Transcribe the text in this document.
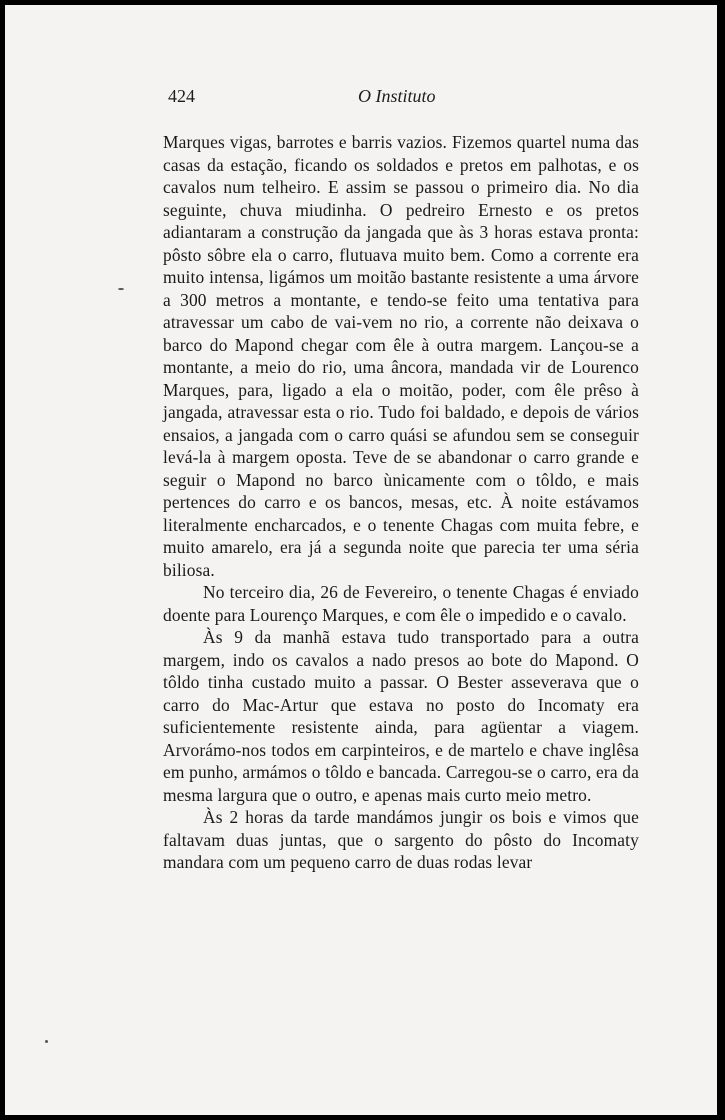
424	O Instituto

Marques vigas, barrotes e barris vazios. Fizemos quartel numa das casas da estação, ficando os soldados e pretos em palhotas, e os cavalos num telheiro. E assim se passou o primeiro dia. No dia seguinte, chuva miudinha. O pedreiro Ernesto e os pretos adiantaram a construção da jangada que às 3 horas estava pronta: pôsto sôbre ela o carro, flutuava muito bem. Como a corrente era muito intensa, ligámos um moitão bastante resistente a uma árvore a 300 metros a montante, e tendo-se feito uma tentativa para atravessar um cabo de vai-vem no rio, a corrente não deixava o barco do Mapond chegar com êle à outra margem. Lançou-se a montante, a meio do rio, uma âncora, mandada vir de Lourenco Marques, para, ligado a ela o moitão, poder, com êle prêso à jangada, atravessar esta o rio. Tudo foi baldado, e depois de vários ensaios, a jangada com o carro quási se afundou sem se conseguir levá-la à margem oposta. Teve de se abandonar o carro grande e seguir o Mapond no barco ùnicamente com o tôldo, e mais pertences do carro e os bancos, mesas, etc. À noite estávamos literalmente encharcados, e o tenente Chagas com muita febre, e muito amarelo, era já a segunda noite que parecia ter uma séria biliosa.

No terceiro dia, 26 de Fevereiro, o tenente Chagas é enviado doente para Lourenço Marques, e com êle o impedido e o cavalo.

Às 9 da manhã estava tudo transportado para a outra margem, indo os cavalos a nado presos ao bote do Mapond. O tôldo tinha custado muito a passar. O Bester asseverava que o carro do Mac-Artur que estava no posto do Incomaty era suficientemente resistente ainda, para agüentar a viagem. Arvorámo-nos todos em carpinteiros, e de martelo e chave inglêsa em punho, armámos o tôldo e bancada. Carregou-se o carro, era da mesma largura que o outro, e apenas mais curto meio metro.

Às 2 horas da tarde mandámos jungir os bois e vimos que faltavam duas juntas, que o sargento do pôsto do Incomaty mandara com um pequeno carro de duas rodas levar
